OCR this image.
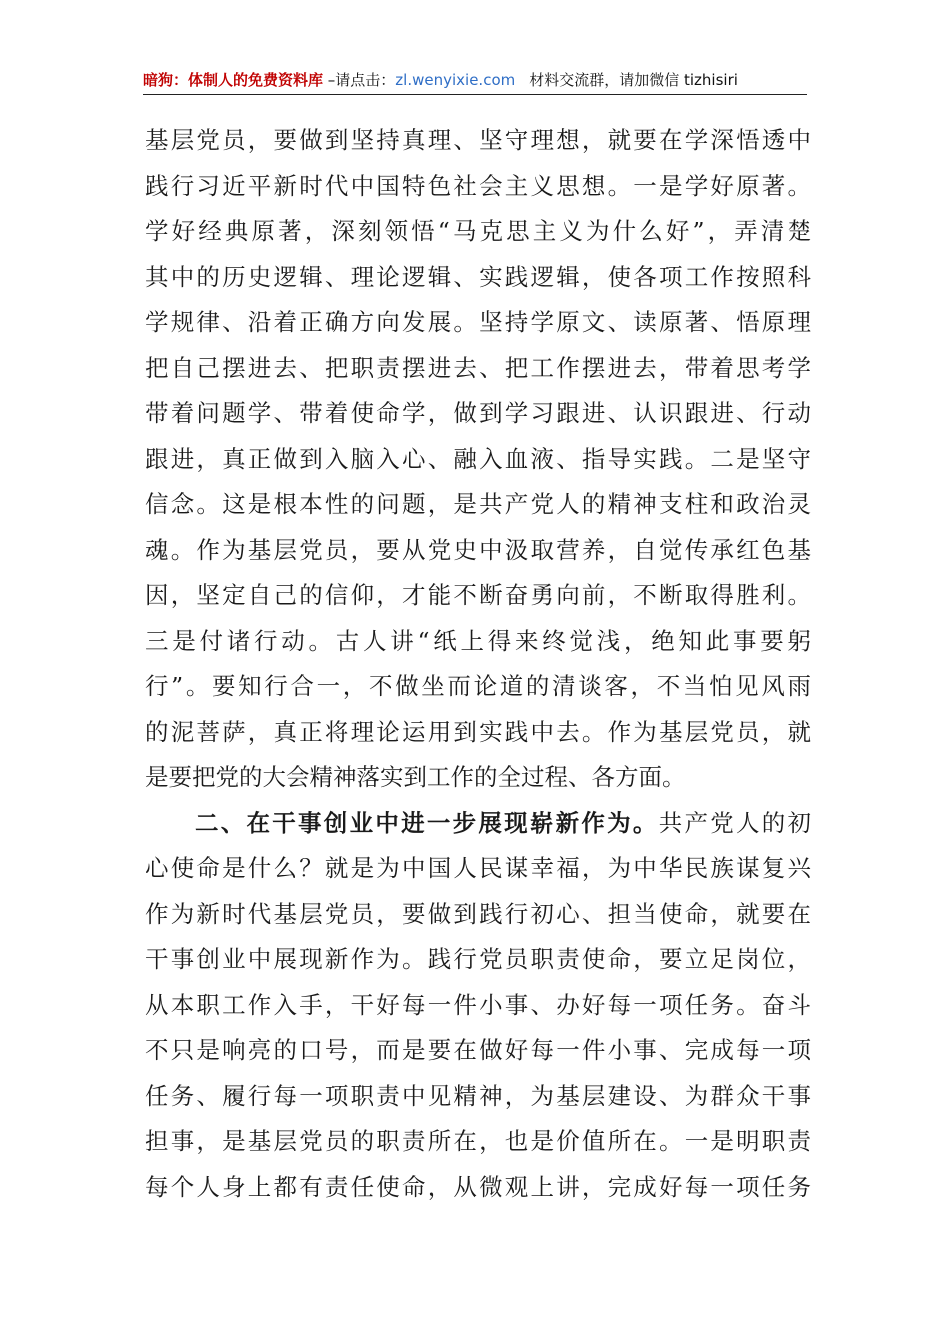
暗狗：体制人的免费资料库 –请点击：zl.wenyixie.com 材料交流群，请加微信 tizhisiri
基层党员，要做到坚持真理、坚守理想，就要在学深悟透中
践行习近平新时代中国特色社会主义思想。一是学好原著。
学好经典原著，深刻领悟“马克思主义为什么好”，弄清楚
其中的历史逻辑、理论逻辑、实践逻辑，使各项工作按照科
学规律、沿着正确方向发展。坚持学原文、读原著、悟原理
把自己摆进去、把职责摆进去、把工作摆进去，带着思考学
带着问题学、带着使命学，做到学习跟进、认识跟进、行动
跟进，真正做到入脑入心、融入血液、指导实践。二是坚守
信念。这是根本性的问题，是共产党人的精神支柱和政治灵
魂。作为基层党员，要从党史中汲取营养，自觉传承红色基
因，坚定自己的信仰，才能不断奋勇向前，不断取得胜利。
三是付诸行动。古人讲“纸上得来终觉浅，绝知此事要躬
行”。要知行合一，不做坐而论道的清谈客，不当怕见风雨
的泥菩萨，真正将理论运用到实践中去。作为基层党员，就
是要把党的大会精神落实到工作的全过程、各方面。
二、在干事创业中进一步展现崭新作为。共产党人的初
心使命是什么？就是为中国人民谋幸福，为中华民族谋复兴
作为新时代基层党员，要做到践行初心、担当使命，就要在
干事创业中展现新作为。践行党员职责使命，要立足岗位，
从本职工作入手，干好每一件小事、办好每一项任务。奋斗
不只是响亮的口号，而是要在做好每一件小事、完成每一项
任务、履行每一项职责中见精神，为基层建设、为群众干事
担事，是基层党员的职责所在，也是价值所在。一是明职责
每个人身上都有责任使命，从微观上讲，完成好每一项任务
